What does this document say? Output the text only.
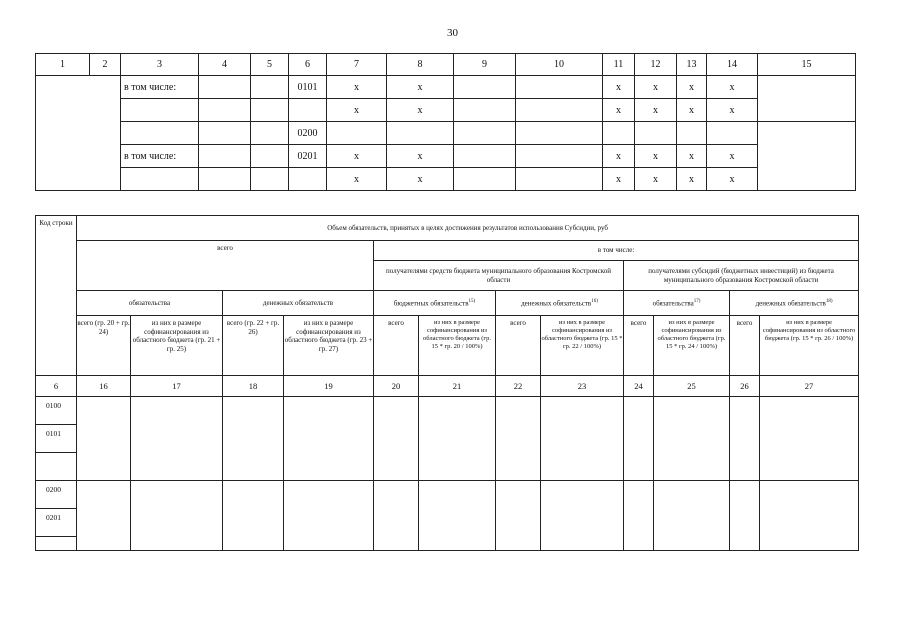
30
1	2	3	4	5	6	7	8	9	10	11	12	13	14	15
		в том числе:			0101	x	x			x	x	x	x	
						x	x			x	x	x	x	
					0200									
		в том числе:			0201	x	x			x	x	x	x	
						x	x			x	x	x	x	
Код строки	Объем обязательств, принятых в целях достижения результатов использования Субсидии, руб											
	всего				в том числе:							
					получателями средств бюджета муниципального образования Костромской области				получателями субсидий (бюджетных инвестиций) из бюджета муниципального образования Костромской области			
	обязательства		денежных обязательств		бюджетных обязательств$^{15)}$		денежных обязательств$^{16)}$		обязательства$^{17)}$		денежных обязательств$^{18)}$
	всего (гр. 20 + гр. 24)	из них в размере софинансирования из областного бюджета (гр. 21 + гр. 25)	всего (гр. 22 + гр. 26)	из них в размере софинансирования из областного бюджета (гр. 23 + гр. 27)	всего	из них в размере софинансирования из областного бюджета (гр. 15 * гр. 20 / 100%)	всего	из них в размере софинансирования из областного бюджета (гр. 15 * гр. 22 / 100%)	всего	из них в размере софинансирования из областного бюджета (гр. 15 * гр. 24 / 100%)	всего	из них в размере софинансирования из областного бюджета (гр. 15 * гр. 26 / 100%)
6	16	17	18	19	20	21	22	23	24	25	26	27
0100												
0101												

0200												
0201												
